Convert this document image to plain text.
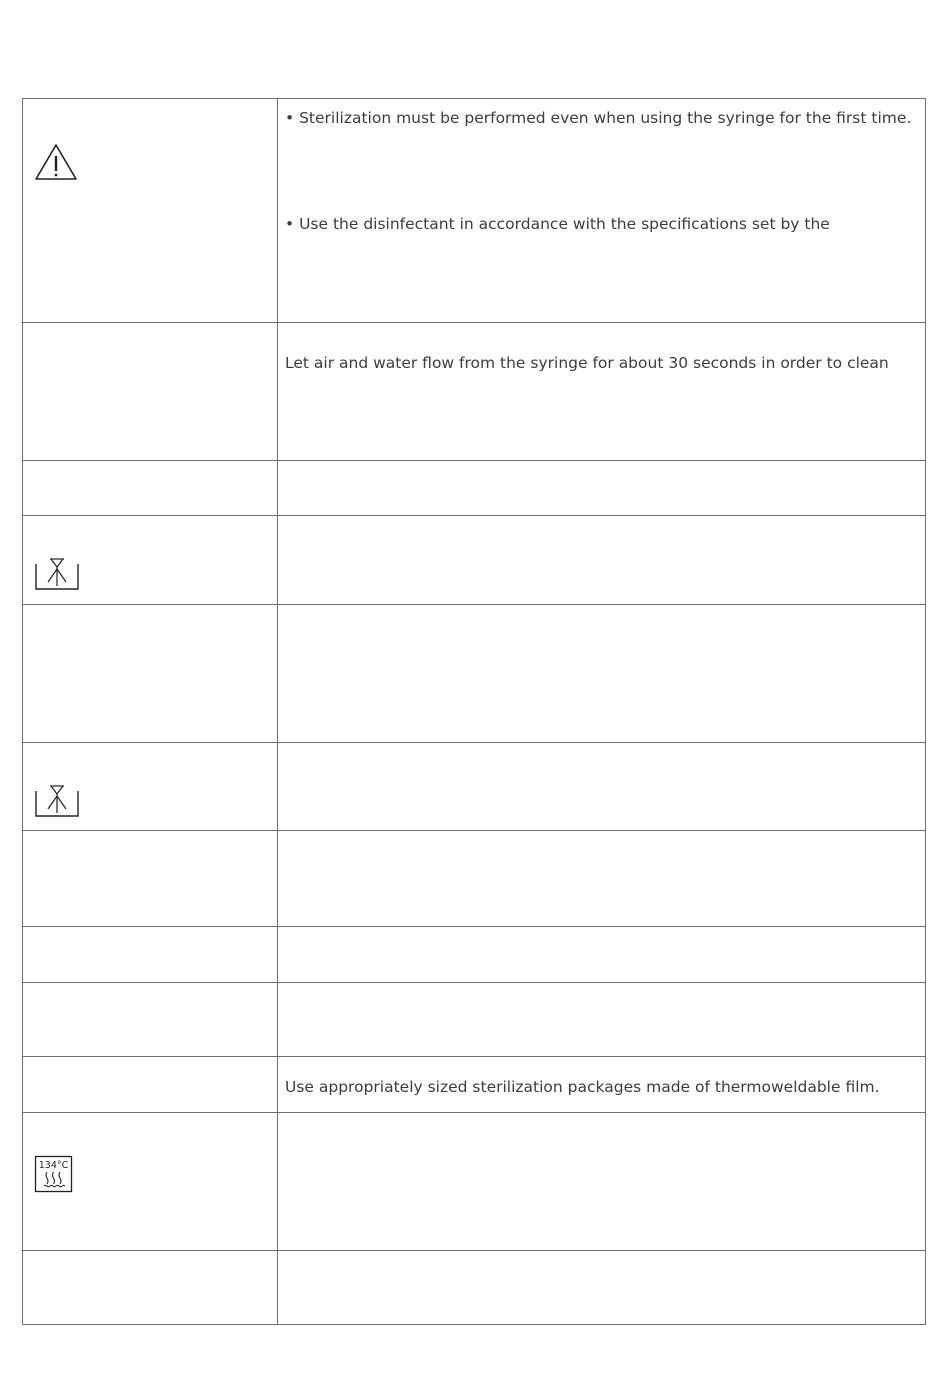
• Sterilization must be performed even when using the syringe for the first time.
• Use the disinfectant in accordance with the specifications set by the

	Let air and water flow from the syringe for about 30 seconds in order to clean

	Use appropriately sized sterilization packages made of thermoweldable film.

134°C	
